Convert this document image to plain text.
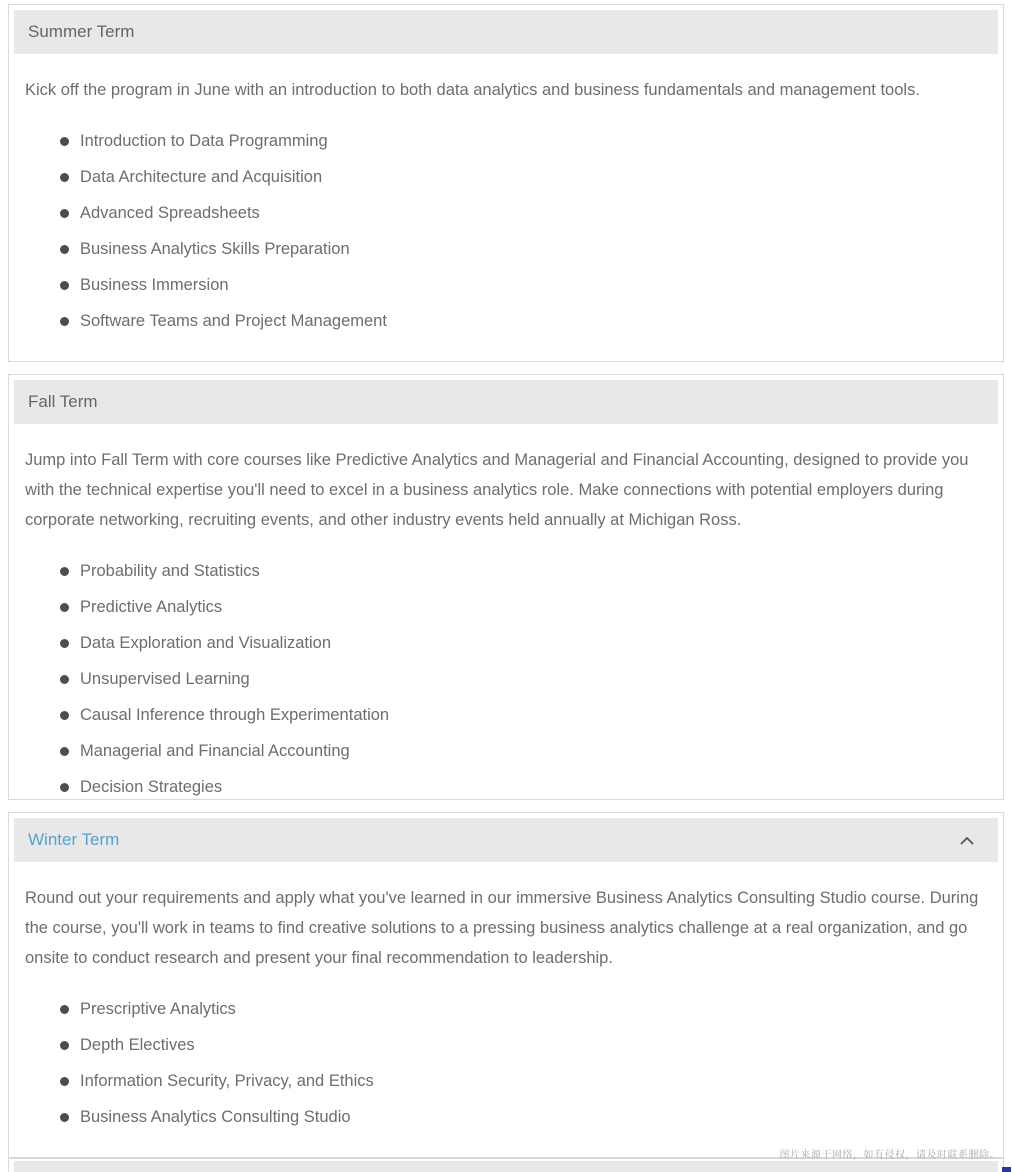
Summer Term

Kick off the program in June with an introduction to both data analytics and business fundamentals and management tools.

Introduction to Data Programming
Data Architecture and Acquisition
Advanced Spreadsheets
Business Analytics Skills Preparation
Business Immersion
Software Teams and Project Management
Fall Term

Jump into Fall Term with core courses like Predictive Analytics and Managerial and Financial Accounting, designed to provide you with the technical expertise you'll need to excel in a business analytics role. Make connections with potential employers during corporate networking, recruiting events, and other industry events held annually at Michigan Ross.

Probability and Statistics
Predictive Analytics
Data Exploration and Visualization
Unsupervised Learning
Causal Inference through Experimentation
Managerial and Financial Accounting
Decision Strategies
Winter Term

Round out your requirements and apply what you've learned in our immersive Business Analytics Consulting Studio course. During the course, you'll work in teams to find creative solutions to a pressing business analytics challenge at a real organization, and go onsite to conduct research and present your final recommendation to leadership.

Prescriptive Analytics
Depth Electives
Information Security, Privacy, and Ethics
Business Analytics Consulting Studio
图片来源于网络，如有侵权，请及时联系删除。
